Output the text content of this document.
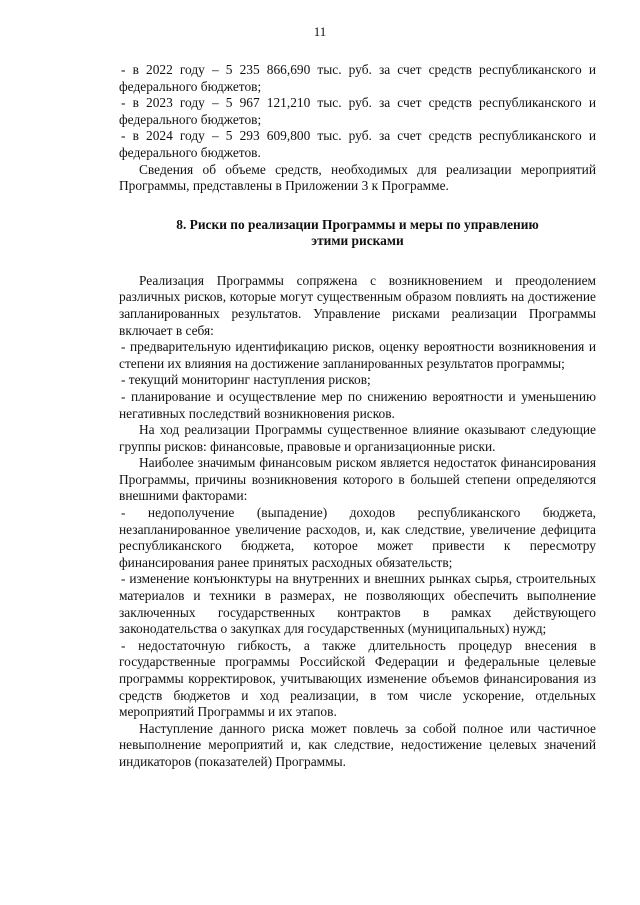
11

- в 2022 году – 5 235 866,690 тыс. руб. за счет средств республиканского и федерального бюджетов;

- в 2023 году – 5 967 121,210 тыс. руб. за счет средств республиканского и федерального бюджетов;

- в 2024 году – 5 293 609,800 тыс. руб. за счет средств республиканского и федерального бюджетов.

Сведения об объеме средств, необходимых для реализации мероприятий Программы, представлены в Приложении 3 к Программе.

8. Риски по реализации Программы и меры по управлению
этими рисками

Реализация Программы сопряжена с возникновением и преодолением различных рисков, которые могут существенным образом повлиять на достижение запланированных результатов. Управление рисками реализации Программы включает в себя:

- предварительную идентификацию рисков, оценку вероятности возникновения и степени их влияния на достижение запланированных результатов программы;

- текущий мониторинг наступления рисков;

- планирование и осуществление мер по снижению вероятности и уменьшению негативных последствий возникновения рисков.

На ход реализации Программы существенное влияние оказывают следующие группы рисков: финансовые, правовые и организационные риски.

Наиболее значимым финансовым риском является недостаток финансирования Программы, причины возникновения которого в большей степени определяются внешними факторами:

- недополучение (выпадение) доходов республиканского бюджета, незапланированное увеличение расходов, и, как следствие, увеличение дефицита республиканского бюджета, которое может привести к пересмотру финансирования ранее принятых расходных обязательств;

- изменение конъюнктуры на внутренних и внешних рынках сырья, строительных материалов и техники в размерах, не позволяющих обеспечить выполнение заключенных государственных контрактов в рамках действующего законодательства о закупках для государственных (муниципальных) нужд;

- недостаточную гибкость, а также длительность процедур внесения в государственные программы Российской Федерации и федеральные целевые программы корректировок, учитывающих изменение объемов финансирования из средств бюджетов и ход реализации, в том числе ускорение, отдельных мероприятий Программы и их этапов.

Наступление данного риска может повлечь за собой полное или частичное невыполнение мероприятий и, как следствие, недостижение целевых значений индикаторов (показателей) Программы.
